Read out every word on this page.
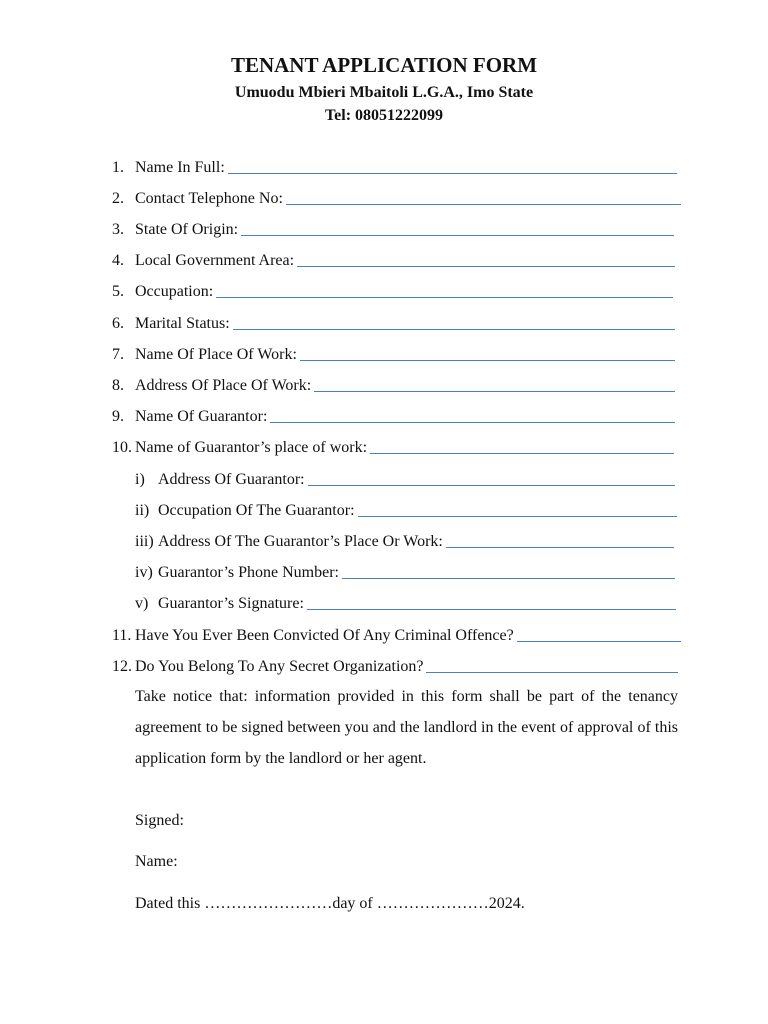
TENANT APPLICATION FORM
Umuodu Mbieri Mbaitoli L.G.A., Imo State
Tel: 08051222099
1. Name In Full:
2. Contact Telephone No:
3. State Of Origin:
4. Local Government Area:
5. Occupation:
6. Marital Status:
7. Name Of Place Of Work:
8. Address Of Place Of Work:
9. Name Of Guarantor:
10. Name of Guarantor’s place of work:
i) Address Of Guarantor:
ii) Occupation Of The Guarantor:
iii) Address Of The Guarantor’s Place Or Work:
iv) Guarantor’s Phone Number:
v) Guarantor’s Signature:
11. Have You Ever Been Convicted Of Any Criminal Offence?
12. Do You Belong To Any Secret Organization?
Take notice that: information provided in this form shall be part of the tenancy agreement to be signed between you and the landlord in the event of approval of this application form by the landlord or her agent.
Signed:
Name:
Dated this ……………………day of …………………2024.
